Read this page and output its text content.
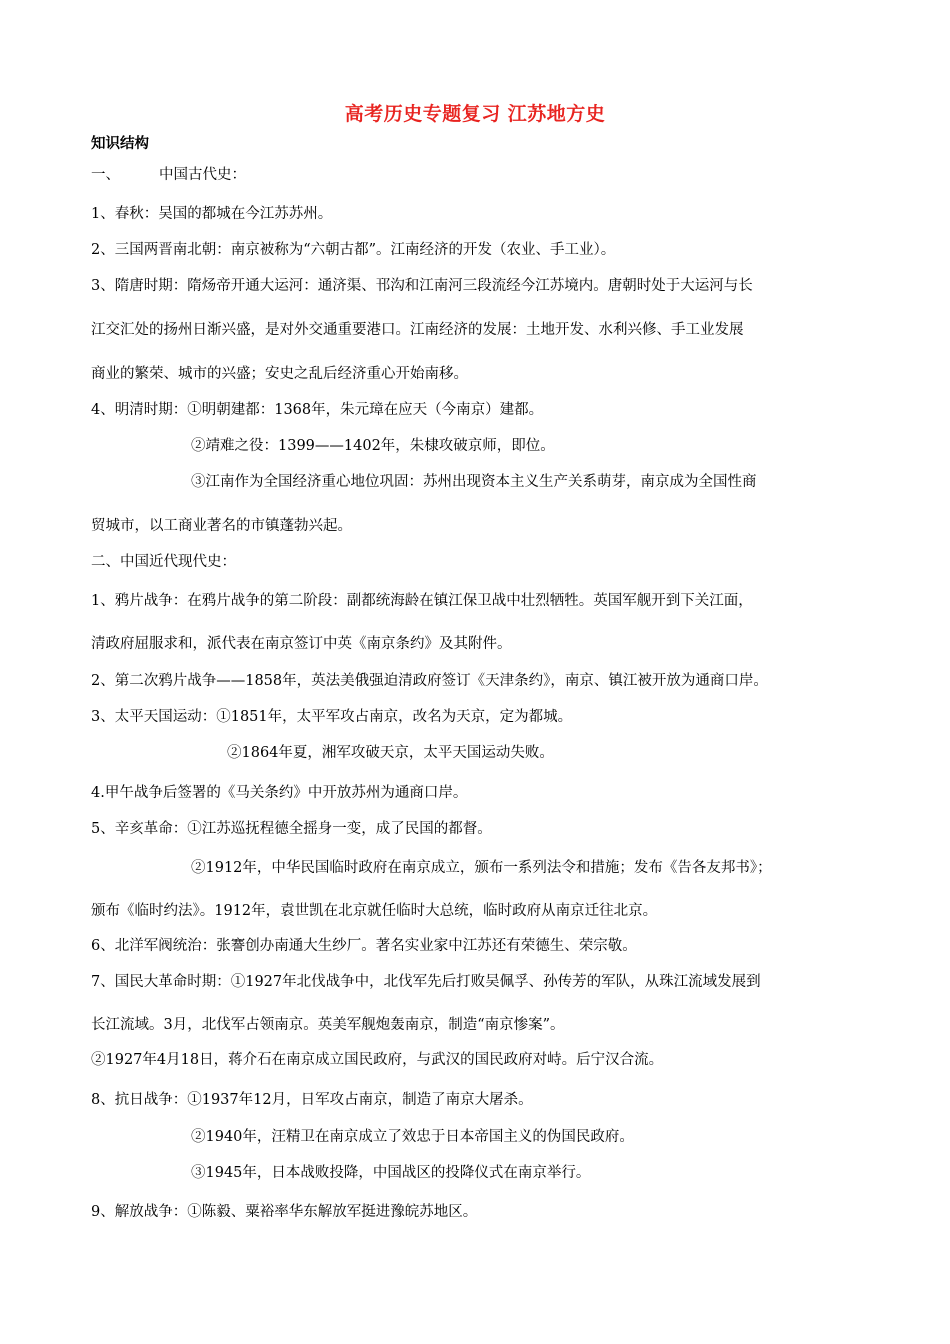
高考历史专题复习 江苏地方史
知识结构
一、	中国古代史：
1、春秋：吴国的都城在今江苏苏州。
2、三国两晋南北朝：南京被称为“六朝古都”。江南经济的开发（农业、手工业）。
3、隋唐时期：隋炀帝开通大运河：通济渠、邗沟和江南河三段流经今江苏境内。唐朝时处于大运河与长
江交汇处的扬州日渐兴盛，是对外交通重要港口。江南经济的发展：土地开发、水利兴修、手工业发展
商业的繁荣、城市的兴盛；安史之乱后经济重心开始南移。
4、明清时期：①明朝建都：1368年，朱元璋在应天（今南京）建都。
②靖难之役：1399——1402年，朱棣攻破京师，即位。
③江南作为全国经济重心地位巩固：苏州出现资本主义生产关系萌芽，南京成为全国性商
贸城市，以工商业著名的市镇蓬勃兴起。
二、中国近代现代史：
1、鸦片战争：在鸦片战争的第二阶段：副都统海龄在镇江保卫战中壮烈牺牲。英国军舰开到下关江面，
清政府屈服求和，派代表在南京签订中英《南京条约》及其附件。
2、第二次鸦片战争——1858年，英法美俄强迫清政府签订《天津条约》，南京、镇江被开放为通商口岸。
3、太平天国运动：①1851年，太平军攻占南京，改名为天京，定为都城。
②1864年夏，湘军攻破天京，太平天国运动失败。
4.甲午战争后签署的《马关条约》中开放苏州为通商口岸。
5、辛亥革命：①江苏巡抚程德全摇身一变，成了民国的都督。
②1912年，中华民国临时政府在南京成立，颁布一系列法令和措施；发布《告各友邦书》；
颁布《临时约法》。1912年，袁世凯在北京就任临时大总统，临时政府从南京迁往北京。
6、北洋军阀统治：张謇创办南通大生纱厂。著名实业家中江苏还有荣德生、荣宗敬。
7、国民大革命时期：①1927年北伐战争中，北伐军先后打败吴佩孚、孙传芳的军队，从珠江流域发展到
长江流域。3月，北伐军占领南京。英美军舰炮轰南京，制造“南京惨案”。
②1927年4月18日，蒋介石在南京成立国民政府，与武汉的国民政府对峙。后宁汉合流。
8、抗日战争：①1937年12月，日军攻占南京，制造了南京大屠杀。
②1940年，汪精卫在南京成立了效忠于日本帝国主义的伪国民政府。
③1945年，日本战败投降，中国战区的投降仪式在南京举行。
9、解放战争：①陈毅、粟裕率华东解放军挺进豫皖苏地区。
